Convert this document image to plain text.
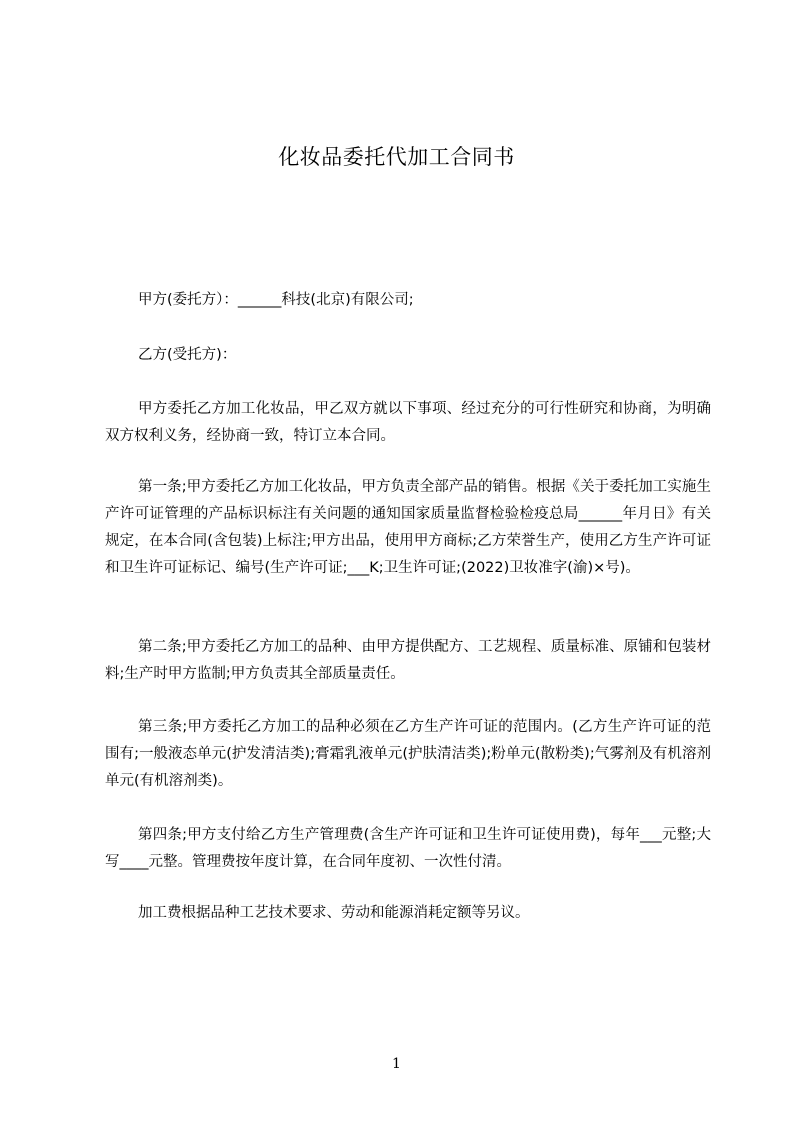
化妆品委托代加工合同书

甲方(委托方）：______科技(北京)有限公司;

乙方(受托方)：

甲方委托乙方加工化妆品，甲乙双方就以下事项、经过充分的可行性研究和协商，为明确双方权利义务，经协商一致，特订立本合同。

第一条;甲方委托乙方加工化妆品，甲方负责全部产品的销售。根据《关于委托加工实施生产许可证管理的产品标识标注有关问题的通知国家质量监督检验检疫总局______年月日》有关规定，在本合同(含包装)上标注;甲方出品，使用甲方商标;乙方荣誉生产，使用乙方生产许可证和卫生许可证标记、编号(生产许可证;___K;卫生许可证;(2022)卫妆准字(渝)×号)。

第二条;甲方委托乙方加工的品种、由甲方提供配方、工艺规程、质量标准、原铺和包装材料;生产时甲方监制;甲方负责其全部质量责任。

第三条;甲方委托乙方加工的品种必须在乙方生产许可证的范围内。(乙方生产许可证的范围有;一般液态单元(护发清洁类);膏霜乳液单元(护肤清洁类);粉单元(散粉类);气雾剂及有机溶剂单元(有机溶剂类)。

第四条;甲方支付给乙方生产管理费(含生产许可证和卫生许可证使用费)，每年___元整;大写____元整。管理费按年度计算，在合同年度初、一次性付清。

加工费根据品种工艺技术要求、劳动和能源消耗定额等另议。

1
